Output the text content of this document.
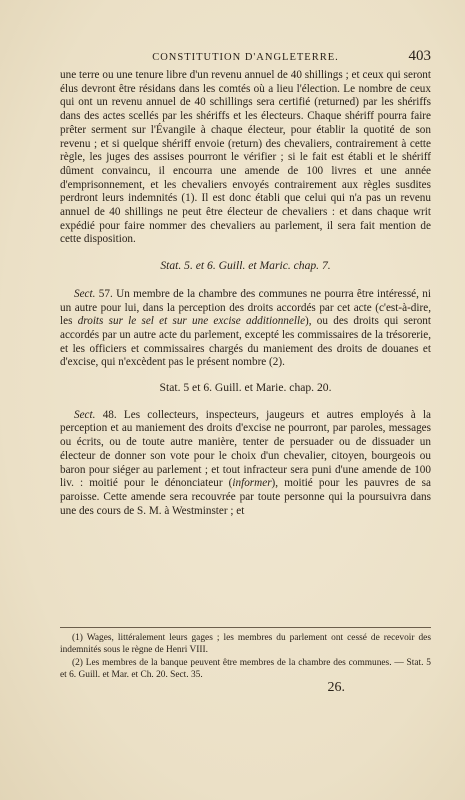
CONSTITUTION D'ANGLETERRE.	403

une terre ou une tenure libre d'un revenu annuel de 40 shillings ; et ceux qui seront élus devront être résidans dans les comtés où a lieu l'élection. Le nombre de ceux qui ont un revenu annuel de 40 schillings sera certifié (returned) par les shériffs dans des actes scellés par les shériffs et les électeurs. Chaque shériff pourra faire prêter serment sur l'Évangile à chaque électeur, pour établir la quotité de son revenu ; et si quelque shériff envoie (return) des chevaliers, contrairement à cette règle, les juges des assises pourront le vérifier ; si le fait est établi et le shériff dûment convaincu, il encourra une amende de 100 livres et une année d'emprisonnement, et les chevaliers envoyés contrairement aux règles susdites perdront leurs indemnités (1). Il est donc établi que celui qui n'a pas un revenu annuel de 40 shillings ne peut être électeur de chevaliers : et dans chaque writ expédié pour faire nommer des chevaliers au parlement, il sera fait mention de cette disposition.

Stat. 5. et 6. Guill. et Maric. chap. 7.

Sect. 57. Un membre de la chambre des communes ne pourra être intéressé, ni un autre pour lui, dans la perception des droits accordés par cet acte (c'est-à-dire, les droits sur le sel et sur une excise additionnelle), ou des droits qui seront accordés par un autre acte du parlement, excepté les commissaires de la trésorerie, et les officiers et commissaires chargés du maniement des droits de douanes et d'excise, qui n'excèdent pas le présent nombre (2).

Stat. 5 et 6. Guill. et Marie. chap. 20.

Sect. 48. Les collecteurs, inspecteurs, jaugeurs et autres employés à la perception et au maniement des droits d'excise ne pourront, par paroles, messages ou écrits, ou de toute autre manière, tenter de persuader ou de dissuader un électeur de donner son vote pour le choix d'un chevalier, citoyen, bourgeois ou baron pour siéger au parlement ; et tout infracteur sera puni d'une amende de 100 liv. : moitié pour le dénonciateur (informer), moitié pour les pauvres de sa paroisse. Cette amende sera recouvrée par toute personne qui la poursuivra dans une des cours de S. M. à Westminster ; et

(1) Wages, littéralement leurs gages ; les membres du parlement ont cessé de recevoir des indemnités sous le règne de Henri VIII.

(2) Les membres de la banque peuvent être membres de la chambre des communes. — Stat. 5 et 6. Guill. et Mar. et Ch. 20. Sect. 35.

26.
